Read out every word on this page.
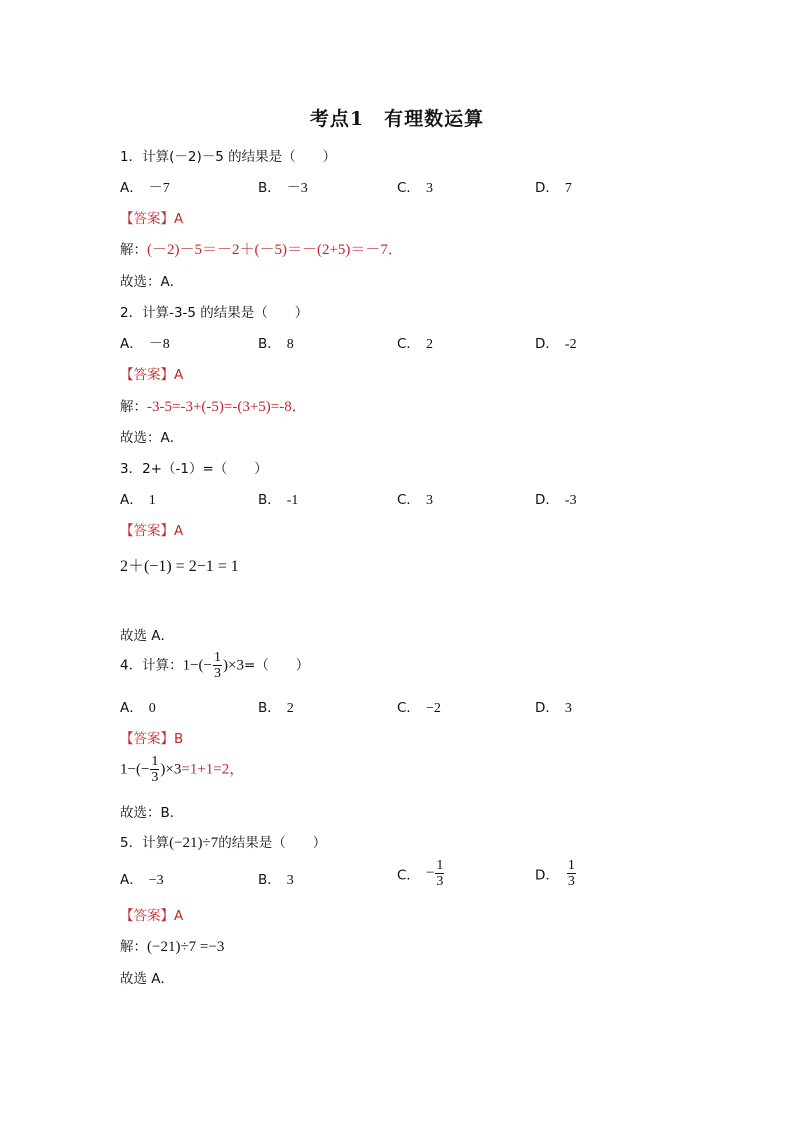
考点1　有理数运算
1．计算(－2)－5 的结果是（　　）
A． －7	B． －3	C． 3	D． 7
【答案】A
解：(－2)－5＝－2＋(－5)＝－(2+5)＝－7．
故选：A．
2．计算-3-5 的结果是（　　）
A． －8	B． 8	C． 2	D． -2
【答案】A
解：-3-5=-3+(-5)=-(3+5)=-8．
故选：A．
3．2+（-1）=（　　）
A． 1	B． -1	C． 3	D． -3
【答案】A
2＋(−1) = 2−1 = 1
故选 A．
4．计算：$1-(- \frac{1}{3} )\times 3=$（　　）
A． 0	B． 2	C． −2	D． 3
【答案】B
$1-(- \frac{1}{3} )\times 3=1+1=2$，
故选：B．
5．计算(−21)÷7的结果是（　　）
A． −3	B． 3	C． − $\frac{1}{3}$	D． $\frac{1}{3}$
【答案】A
解：(−21)÷7 =−3
故选 A．
